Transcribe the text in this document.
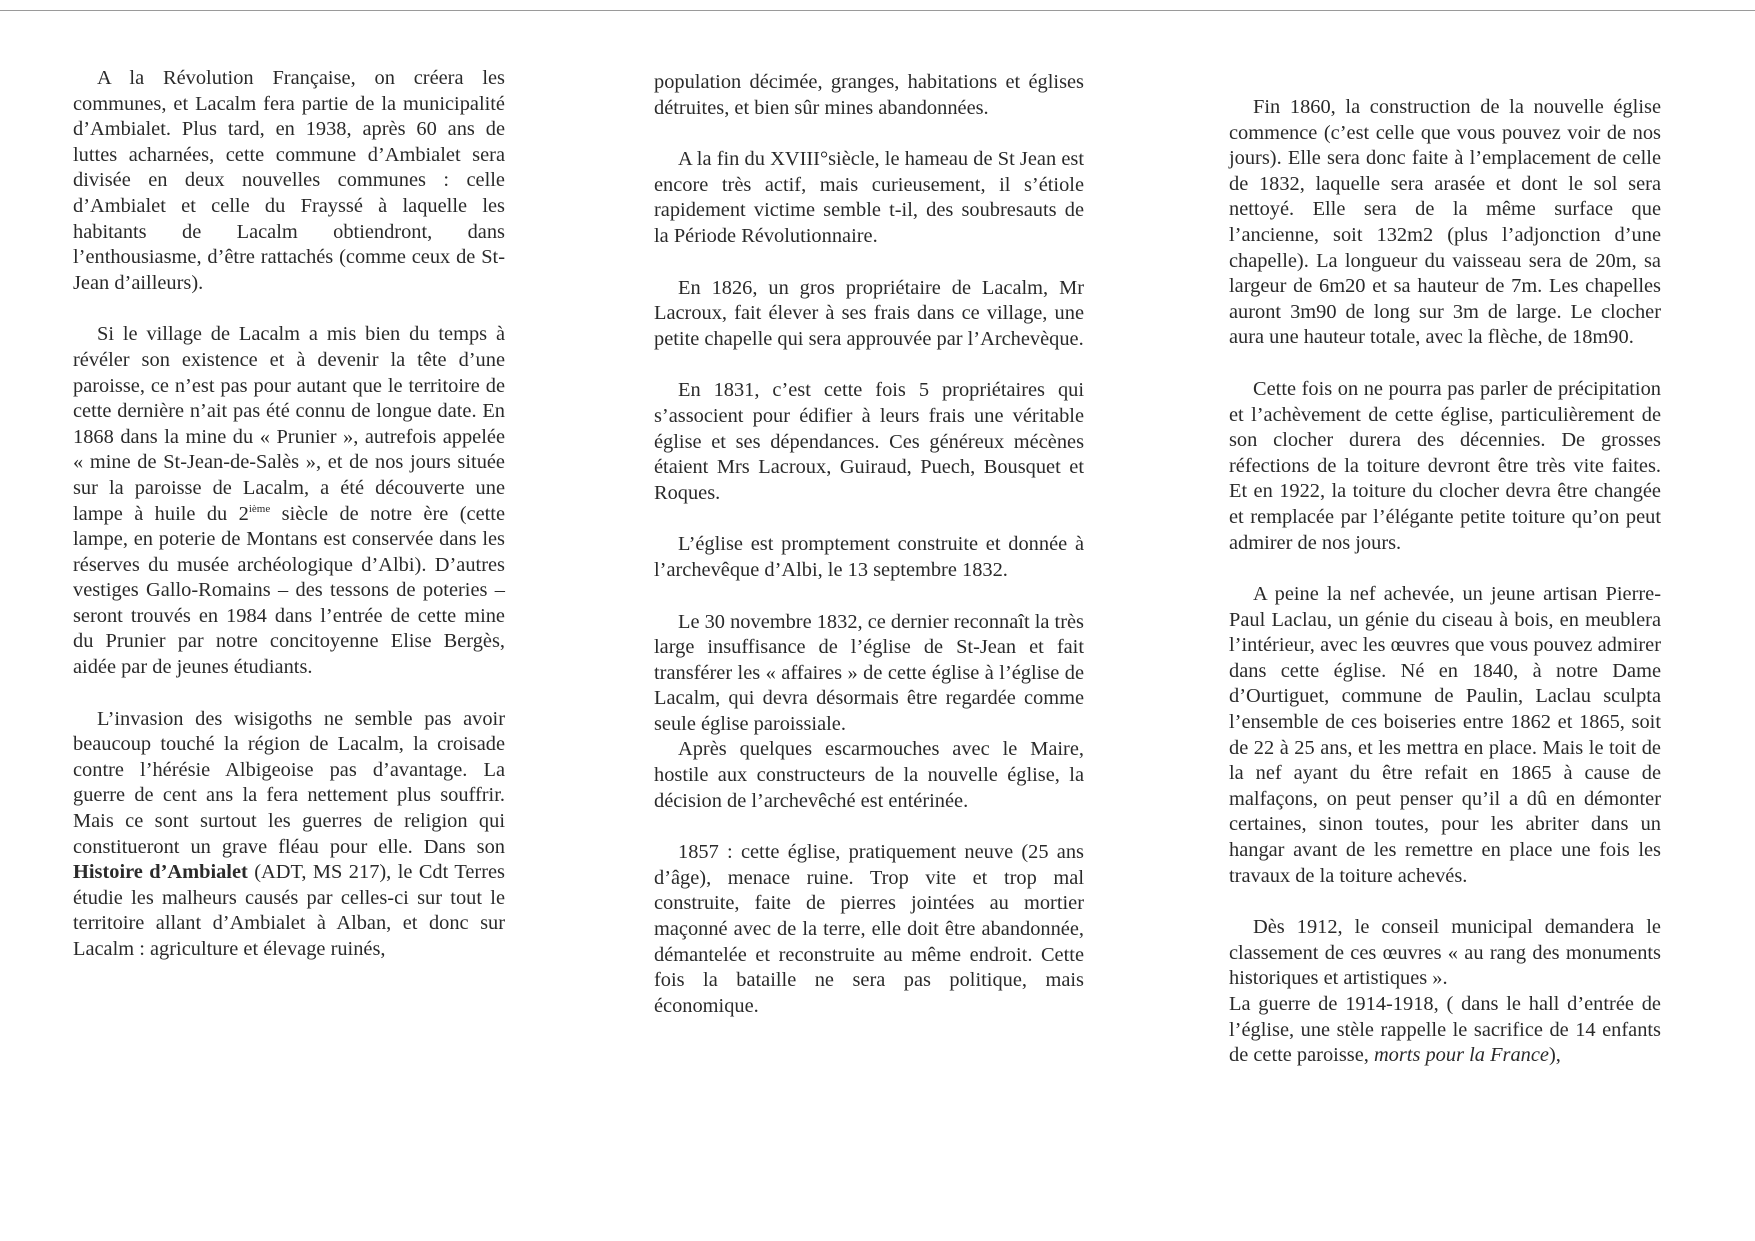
A la Révolution Française, on créera les communes, et Lacalm fera partie de la municipalité d’Ambialet. Plus tard, en 1938, après 60 ans de luttes acharnées, cette commune d’Ambialet sera divisée en deux nouvelles communes : celle d’Ambialet et celle du Frayssé à laquelle les habitants de Lacalm obtiendront, dans l’enthousiasme, d’être rattachés (comme ceux de St-Jean d’ailleurs).

Si le village de Lacalm a mis bien du temps à révéler son existence et à devenir la tête d’une paroisse, ce n’est pas pour autant que le territoire de cette dernière n’ait pas été connu de longue date. En 1868 dans la mine du « Prunier », autrefois appelée « mine de St-Jean-de-Salès », et de nos jours située sur la paroisse de Lacalm, a été découverte une lampe à huile du 2ième siècle de notre ère (cette lampe, en poterie de Montans est conservée dans les réserves du musée archéologique d’Albi). D’autres vestiges Gallo-Romains – des tessons de poteries – seront trouvés en 1984 dans l’entrée de cette mine du Prunier par notre concitoyenne Elise Bergès, aidée par de jeunes étudiants.

L’invasion des wisigoths ne semble pas avoir beaucoup touché la région de Lacalm, la croisade contre l’hérésie Albigeoise pas d’avantage. La guerre de cent ans la fera nettement plus souffrir. Mais ce sont surtout les guerres de religion qui constitueront un grave fléau pour elle. Dans son Histoire d’Ambialet (ADT, MS 217), le Cdt Terres étudie les malheurs causés par celles-ci sur tout le territoire allant d’Ambialet à Alban, et donc sur Lacalm : agriculture et élevage ruinés,

population décimée, granges, habitations et églises détruites, et bien sûr mines abandonnées.

A la fin du XVIII°siècle, le hameau de St Jean est encore très actif, mais curieusement, il s’étiole rapidement victime semble t-il, des soubresauts de la Période Révolutionnaire.

En 1826, un gros propriétaire de Lacalm, Mr Lacroux, fait élever à ses frais dans ce village, une petite chapelle qui sera approuvée par l’Archevèque.

En 1831, c’est cette fois 5 propriétaires qui s’associent pour édifier à leurs frais une véritable église et ses dépendances. Ces généreux mécènes étaient Mrs Lacroux, Guiraud, Puech, Bousquet et Roques.

L’église est promptement construite et donnée à l’archevêque d’Albi, le 13 septembre 1832.

Le 30 novembre 1832, ce dernier reconnaît la très large insuffisance de l’église de St-Jean et fait transférer les « affaires » de cette église à l’église de Lacalm, qui devra désormais être regardée comme seule église paroissiale.

Après quelques escarmouches avec le Maire, hostile aux constructeurs de la nouvelle église, la décision de l’archevêché est entérinée.

1857 : cette église, pratiquement neuve (25 ans d’âge), menace ruine. Trop vite et trop mal construite, faite de pierres jointées au mortier maçonné avec de la terre, elle doit être abandonnée, démantelée et reconstruite au même endroit. Cette fois la bataille ne sera pas politique, mais économique.

Fin 1860, la construction de la nouvelle église commence (c’est celle que vous pouvez voir de nos jours). Elle sera donc faite à l’emplacement de celle de 1832, laquelle sera arasée et dont le sol sera nettoyé. Elle sera de la même surface que l’ancienne, soit 132m2 (plus l’adjonction d’une chapelle). La longueur du vaisseau sera de 20m, sa largeur de 6m20 et sa hauteur de 7m. Les chapelles auront 3m90 de long sur 3m de large. Le clocher aura une hauteur totale, avec la flèche, de 18m90.

Cette fois on ne pourra pas parler de précipitation et l’achèvement de cette église, particulièrement de son clocher durera des décennies. De grosses réfections de la toiture devront être très vite faites. Et en 1922, la toiture du clocher devra être changée et remplacée par l’élégante petite toiture qu’on peut admirer de nos jours.

A peine la nef achevée, un jeune artisan Pierre-Paul Laclau, un génie du ciseau à bois, en meublera l’intérieur, avec les œuvres que vous pouvez admirer dans cette église. Né en 1840, à notre Dame d’Ourtiguet, commune de Paulin, Laclau sculpta l’ensemble de ces boiseries entre 1862 et 1865, soit de 22 à 25 ans, et les mettra en place. Mais le toit de la nef ayant du être refait en 1865 à cause de malfaçons, on peut penser qu’il a dû en démonter certaines, sinon toutes, pour les abriter dans un hangar avant de les remettre en place une fois les travaux de la toiture achevés.

Dès 1912, le conseil municipal demandera le classement de ces œuvres « au rang des monuments historiques et artistiques ».

La guerre de 1914-1918, ( dans le hall d’entrée de l’église, une stèle rappelle le sacrifice de 14 enfants de cette paroisse, morts pour la France),
